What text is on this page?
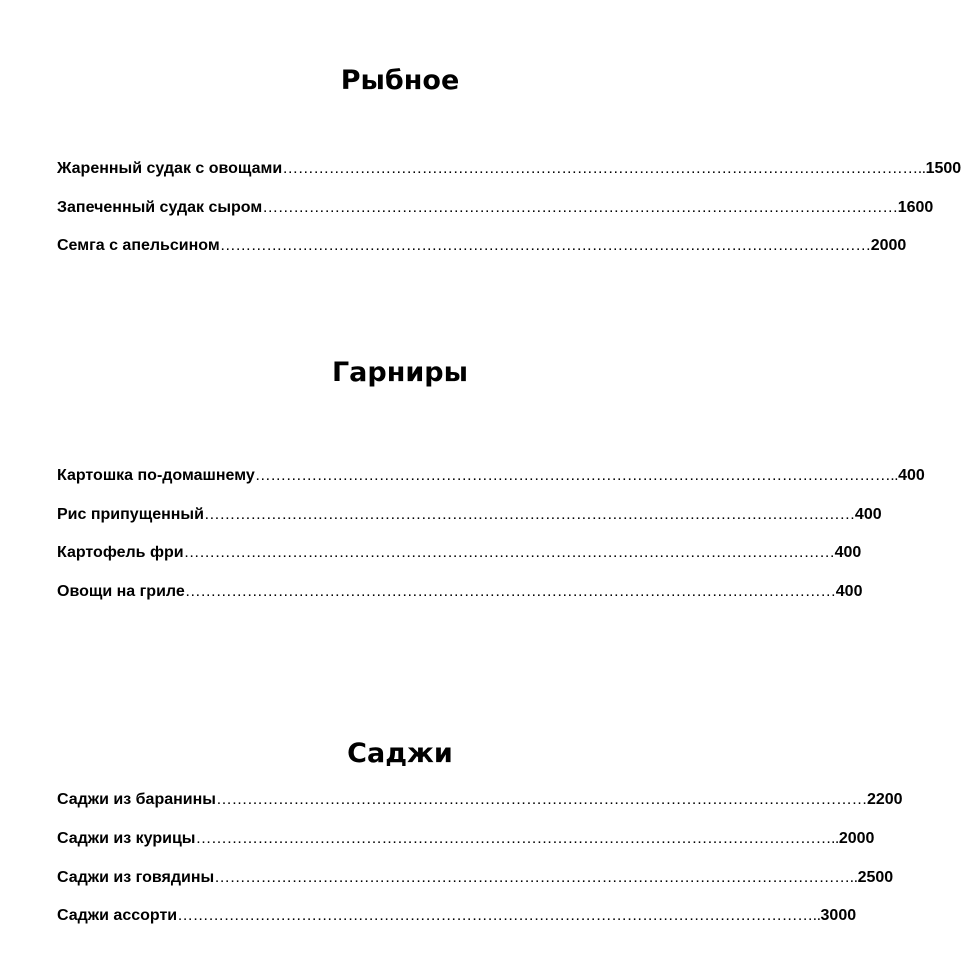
Рыбное
Жаренный судак с овощами …………………………………………………………………………………………………………….. 1500
Запеченный судак сыром …………………………………………………………………………………………………………… 1600
Семга с апельсином ……………………………………………………………………………………………………………… 2000
Гарниры
Картошка по-домашнему …………………………………………………………………………………………………………….. 400
Рис припущенный ……………………………………………………………………………………………………………… 400
Картофель фри ……………………………………………………………………………………………………………… 400
Овощи на гриле ……………………………………………………………………………………………………………… 400
Саджи
Саджи из баранины ……………………………………………………………………………………………………………… 2200
Саджи из курицы …………………………………………………………………………………………………………….. 2000
Саджи из говядины …………………………………………………………………………………………………………….. 2500
Саджи ассорти …………………………………………………………………………………………………………….. 3000
